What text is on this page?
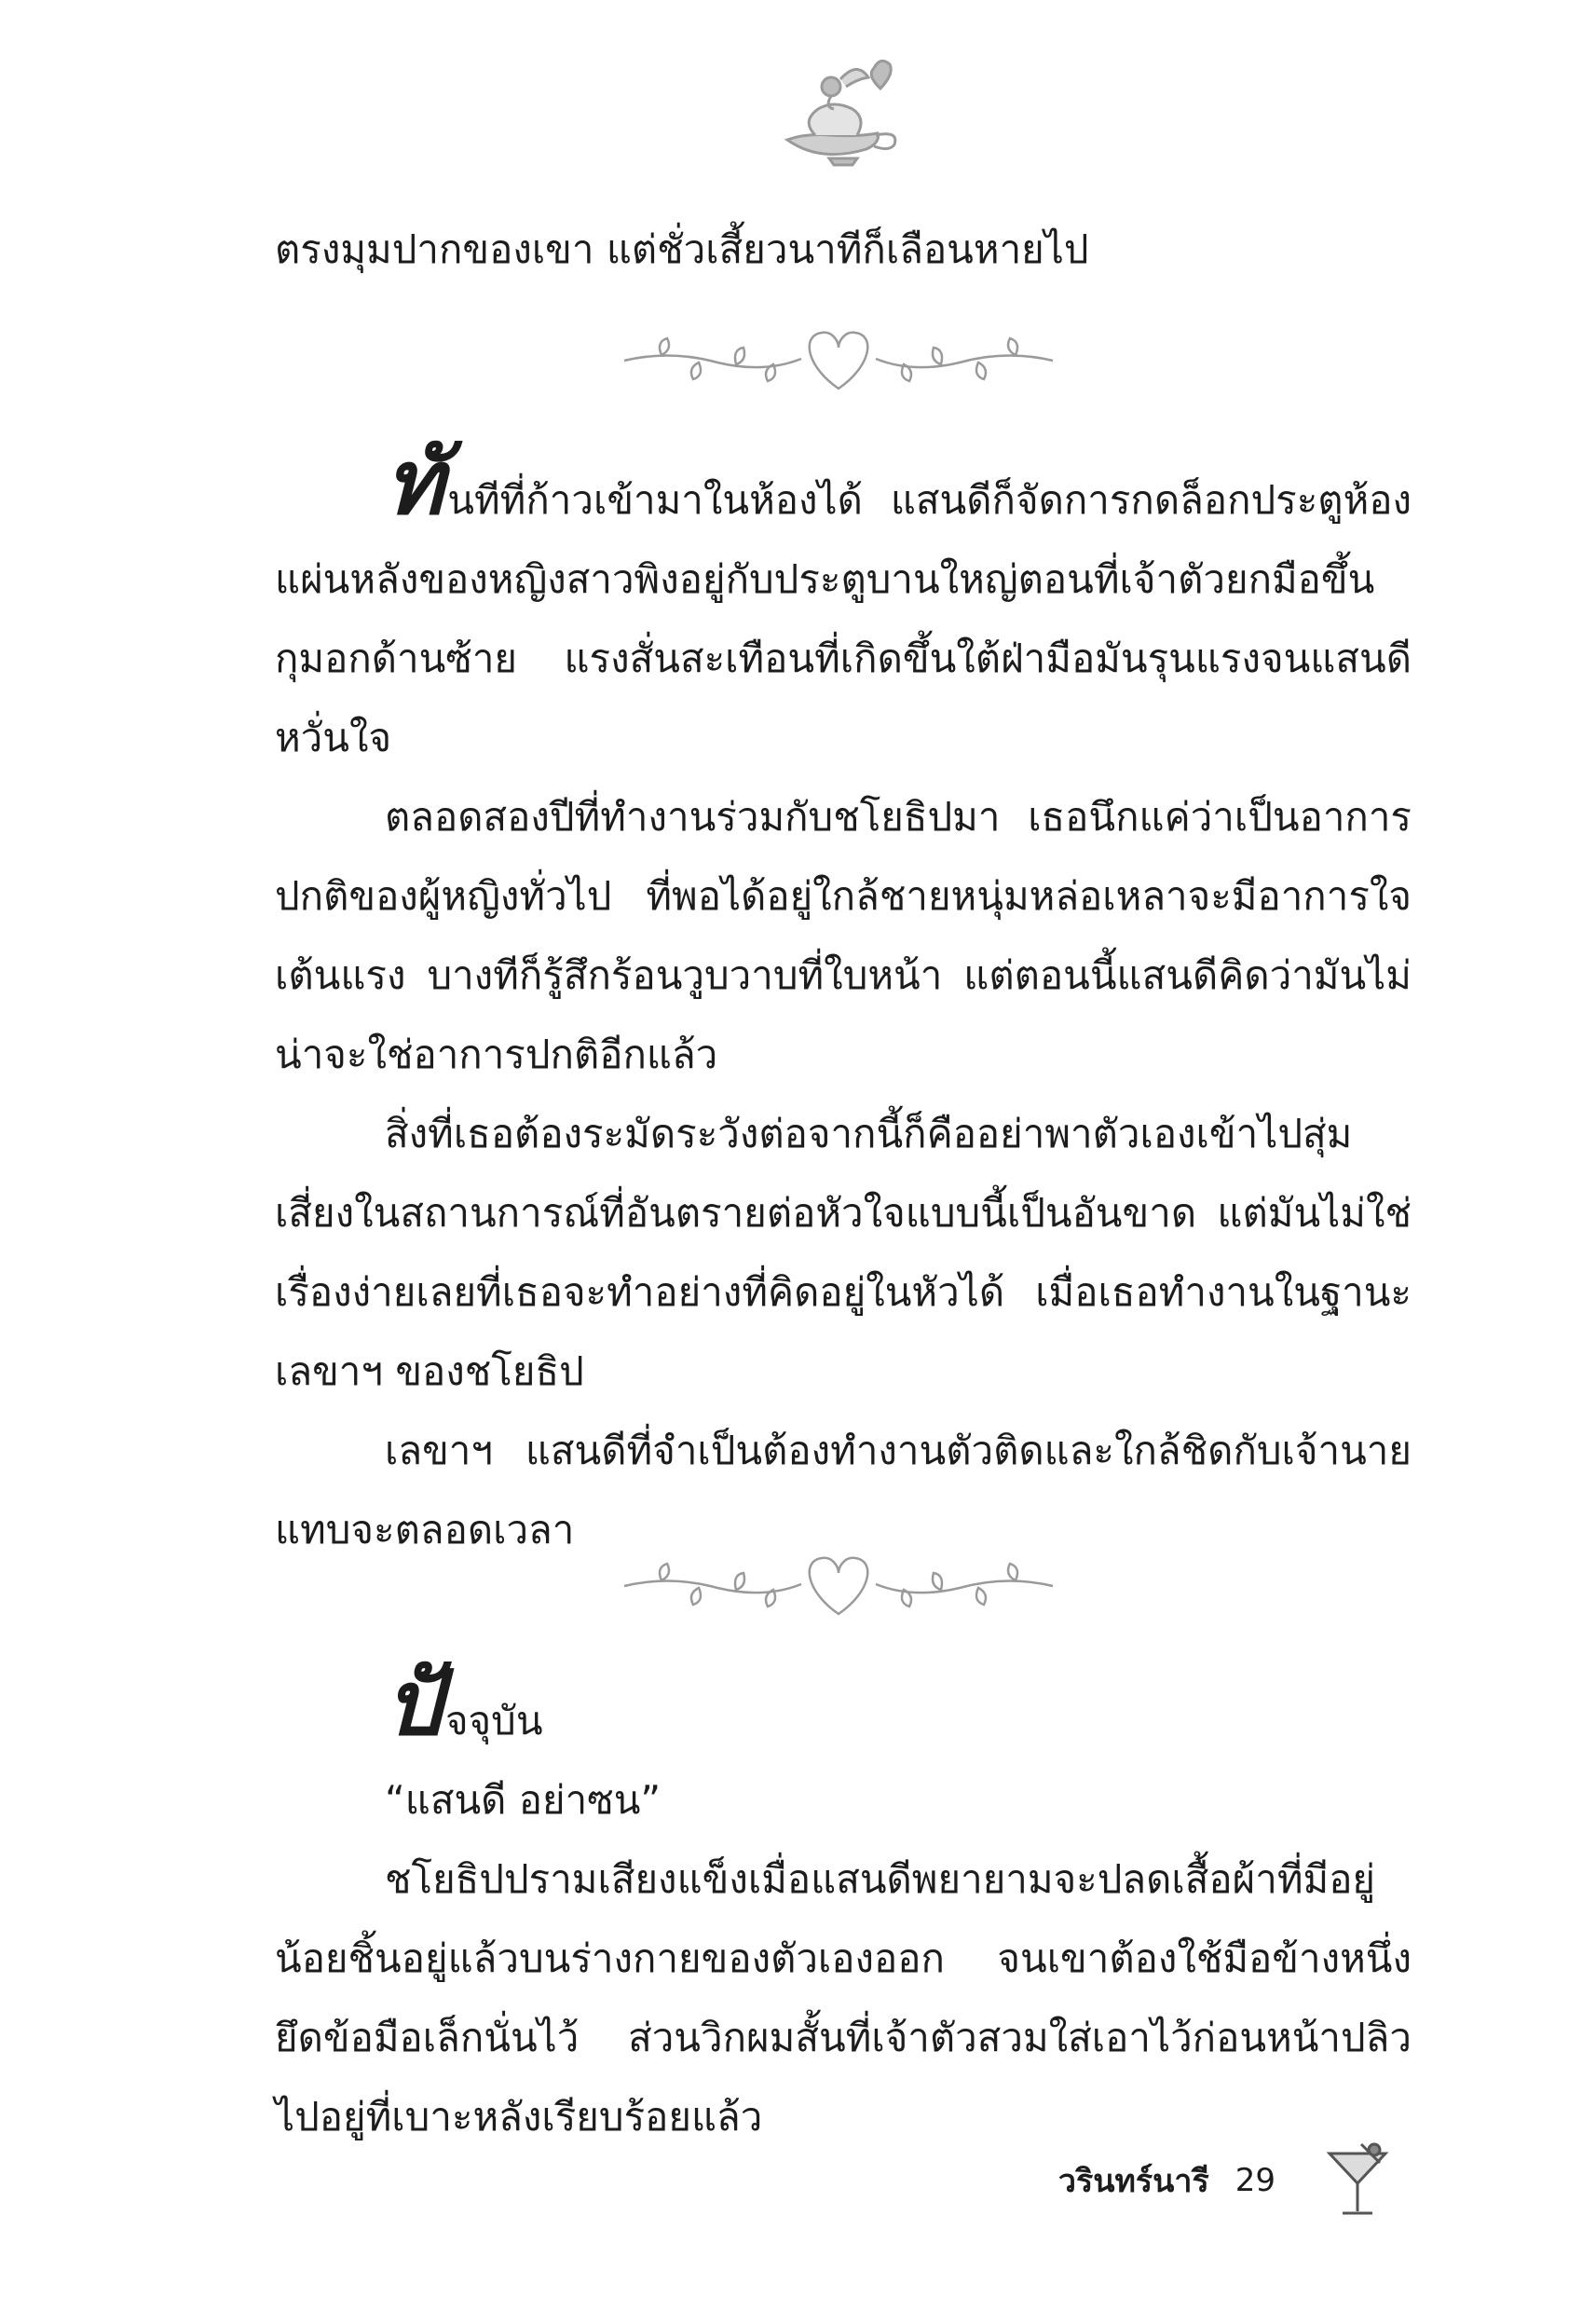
ตรงมุมปากของเขา แต่ชั่วเสี้ยวนาทีก็เลือนหายไป

ทันทีที่ก้าวเข้ามาในห้องได้ แสนดีก็จัดการกดล็อกประตูห้อง แผ่นหลังของหญิงสาวพิงอยู่กับประตูบานใหญ่ตอนที่เจ้าตัวยกมือขึ้นกุมอกด้านซ้าย แรงสั่นสะเทือนที่เกิดขึ้นใต้ฝ่ามือมันรุนแรงจนแสนดีหวั่นใจ

ตลอดสองปีที่ทำงานร่วมกับชโยธิปมา เธอนึกแค่ว่าเป็นอาการปกติของผู้หญิงทั่วไป ที่พอได้อยู่ใกล้ชายหนุ่มหล่อเหลาจะมีอาการใจเต้นแรง บางทีก็รู้สึกร้อนวูบวาบที่ใบหน้า แต่ตอนนี้แสนดีคิดว่ามันไม่น่าจะใช่อาการปกติอีกแล้ว

สิ่งที่เธอต้องระมัดระวังต่อจากนี้ก็คืออย่าพาตัวเองเข้าไปสุ่มเสี่ยงในสถานการณ์ที่อันตรายต่อหัวใจแบบนี้เป็นอันขาด แต่มันไม่ใช่เรื่องง่ายเลยที่เธอจะทำอย่างที่คิดอยู่ในหัวได้ เมื่อเธอทำงานในฐานะเลขาฯ ของชโยธิป

เลขาฯ แสนดีที่จำเป็นต้องทำงานตัวติดและใกล้ชิดกับเจ้านายแทบจะตลอดเวลา

ปัจจุบัน

“แสนดี อย่าซน”

ชโยธิปปรามเสียงแข็งเมื่อแสนดีพยายามจะปลดเสื้อผ้าที่มีอยู่น้อยชิ้นอยู่แล้วบนร่างกายของตัวเองออก จนเขาต้องใช้มือข้างหนึ่งยึดข้อมือเล็กนั่นไว้ ส่วนวิกผมสั้นที่เจ้าตัวสวมใส่เอาไว้ก่อนหน้าปลิวไปอยู่ที่เบาะหลังเรียบร้อยแล้ว

วรินทร์นารี 29
